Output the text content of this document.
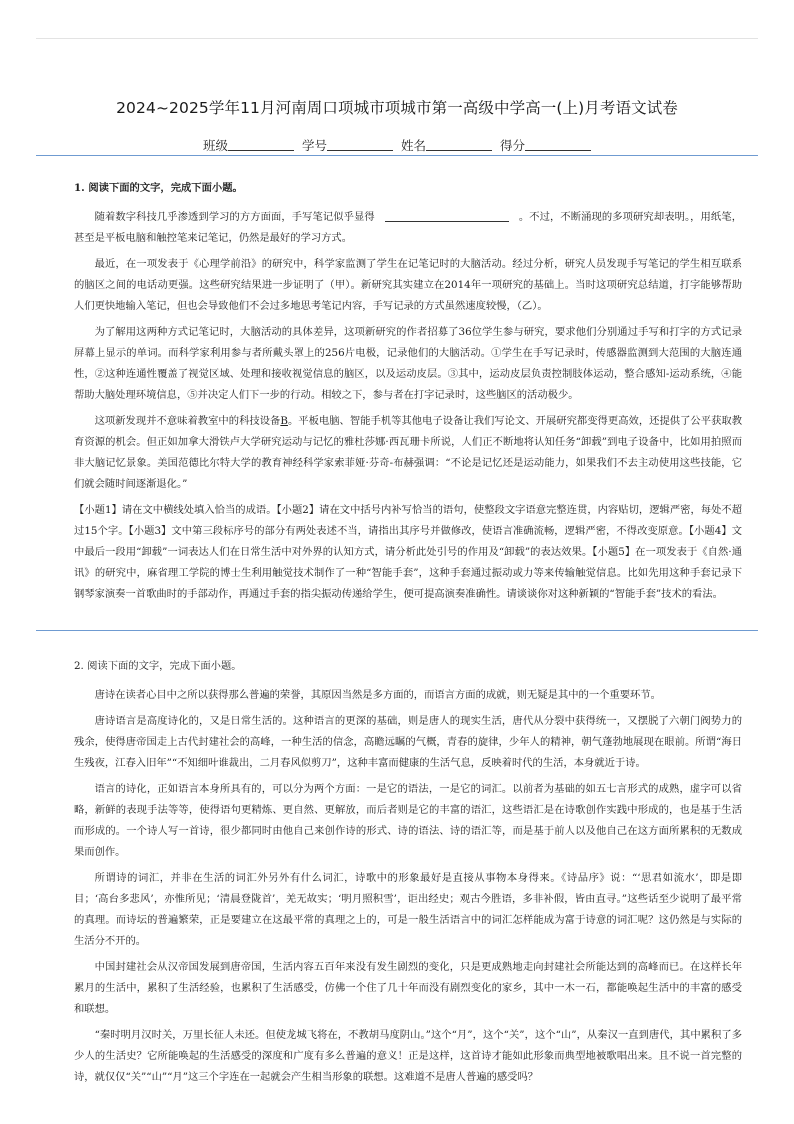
2024~2025学年11月河南周口项城市项城市第一高级中学高一(上)月考语文试卷
班级	学号	姓名	得分
1. 阅读下面的文字，完成下面小题。

随着数字科技几乎渗透到学习的方方面面，手写笔记似乎显得	。不过，不断涌现的多项研究却表明。，用纸笔，甚至是平板电脑和触控笔来记笔记，仍然是最好的学习方式。

最近，在一项发表于《心理学前沿》的研究中，科学家监测了学生在记笔记时的大脑活动。经过分析，研究人员发现手写笔记的学生相互联系的脑区之间的电话动更强。这些研究结果进一步证明了（甲）。新研究其实建立在2014年一项研究的基础上。当时这项研究总结道，打字能够帮助人们更快地输入笔记，但也会导致他们不会过多地思考笔记内容，手写记录的方式虽然速度较慢，（乙）。

为了解用这两种方式记笔记时，大脑活动的具体差异，这项新研究的作者招募了36位学生参与研究，要求他们分别通过手写和打字的方式记录屏幕上显示的单词。而科学家利用参与者所戴头罩上的256片电极，记录他们的大脑活动。①学生在手写记录时，传感器监测到大范围的大脑连通性，②这种连通性覆盖了视觉区域、处理和接收视觉信息的脑区，以及运动皮层。③其中，运动皮层负责控制肢体运动，整合感知-运动系统，④能帮助大脑处理环境信息，⑤并决定人们下一步的行动。相较之下，参与者在打字记录时，这些脑区的活动极少。

这项新发现并不意味着教室中的科技设备B。平板电脑、智能手机等其他电子设备让我们写论文、开展研究都变得更高效，还提供了公平获取教育资源的机会。但正如加拿大滑铁卢大学研究运动与记忆的雅杜莎娜·西瓦珊卡所说，人们正不断地将认知任务“卸载”到电子设备中，比如用拍照而非大脑记忆景象。美国范德比尔特大学的教育神经科学家索菲娅·芬奇-布赫强调：“不论是记忆还是运动能力，如果我们不去主动使用这些技能，它们就会随时间逐渐退化。”

【小题1】请在文中横线处填入恰当的成语。【小题2】请在文中括号内补写恰当的语句，使整段文字语意完整连贯，内容贴切，逻辑严密，每处不超过15个字。【小题3】文中第三段标序号的部分有两处表述不当，请指出其序号并做修改，使语言准确流畅，逻辑严密，不得改变原意。【小题4】文中最后一段用“卸载”一词表达人们在日常生活中对外界的认知方式，请分析此处引号的作用及“卸载”的表达效果。【小题5】在一项发表于《自然·通讯》的研究中，麻省理工学院的博士生利用触觉技术制作了一种“智能手套”，这种手套通过振动或力等来传输触觉信息。比如先用这种手套记录下钢琴家演奏一首歌曲时的手部动作，再通过手套的指尖振动传递给学生，便可提高演奏准确性。请谈谈你对这种新颖的“智能手套”技术的看法。

2. 阅读下面的文字，完成下面小题。

唐诗在读者心目中之所以获得那么普遍的荣誉，其原因当然是多方面的，而语言方面的成就，则无疑是其中的一个重要环节。

唐诗语言是高度诗化的，又是日常生活的。这种语言的更深的基础，则是唐人的现实生活，唐代从分裂中获得统一，又摆脱了六朝门阀势力的残余，使得唐帝国走上古代封建社会的高峰，一种生活的信念，高瞻远瞩的气概，青春的旋律，少年人的精神，朝气蓬勃地展现在眼前。所谓“海日生残夜，江春入旧年”“不知细叶谁裁出，二月春风似剪刀”，这种丰富而健康的生活气息，反映着时代的生活，本身就近于诗。

语言的诗化，正如语言本身所具有的，可以分为两个方面：一是它的语法，一是它的词汇。以前者为基础的如五七言形式的成熟，虚字可以省略，新鲜的表现手法等等，使得语句更精炼、更自然、更解放，而后者则是它的丰富的语汇，这些语汇是在诗歌创作实践中形成的，也是基于生活而形成的。一个诗人写一首诗，很少都同时由他自己来创作诗的形式、诗的语法、诗的语汇等，而是基于前人以及他自己在这方面所累积的无数成果而创作。

所谓诗的词汇，并非在生活的词汇外另外有什么词汇，诗歌中的形象最好是直接从事物本身得来。《诗品序》说：“‘思君如流水’，即是即目；‘高台多悲风’，亦惟所见；‘清晨登陇首’，羌无故实；‘明月照积雪’，讵出经史；观古今胜语，多非补假，皆由直寻。”这些话至少说明了最平常的真理。而诗坛的普遍繁荣，正是要建立在这最平常的真理之上的，可是一般生活语言中的词汇怎样能成为富于诗意的词汇呢？这仍然是与实际的生活分不开的。

中国封建社会从汉帝国发展到唐帝国，生活内容五百年来没有发生剧烈的变化，只是更成熟地走向封建社会所能达到的高峰而已。在这样长年累月的生活中，累积了生活经验，也累积了生活感受，仿佛一个住了几十年而没有剧烈变化的家乡，其中一木一石，都能唤起生活中的丰富的感受和联想。

“秦时明月汉时关，万里长征人未还。但使龙城飞将在，不教胡马度阴山。”这个“月”，这个“关”，这个“山”，从秦汉一直到唐代，其中累积了多少人的生活史？它所能唤起的生活感受的深度和广度有多么普遍的意义！正是这样，这首诗才能如此形象而典型地被歌唱出来。且不说一首完整的诗，就仅仅“关”“山”“月”这三个字连在一起就会产生相当形象的联想。这难道不是唐人普遍的感受吗？
